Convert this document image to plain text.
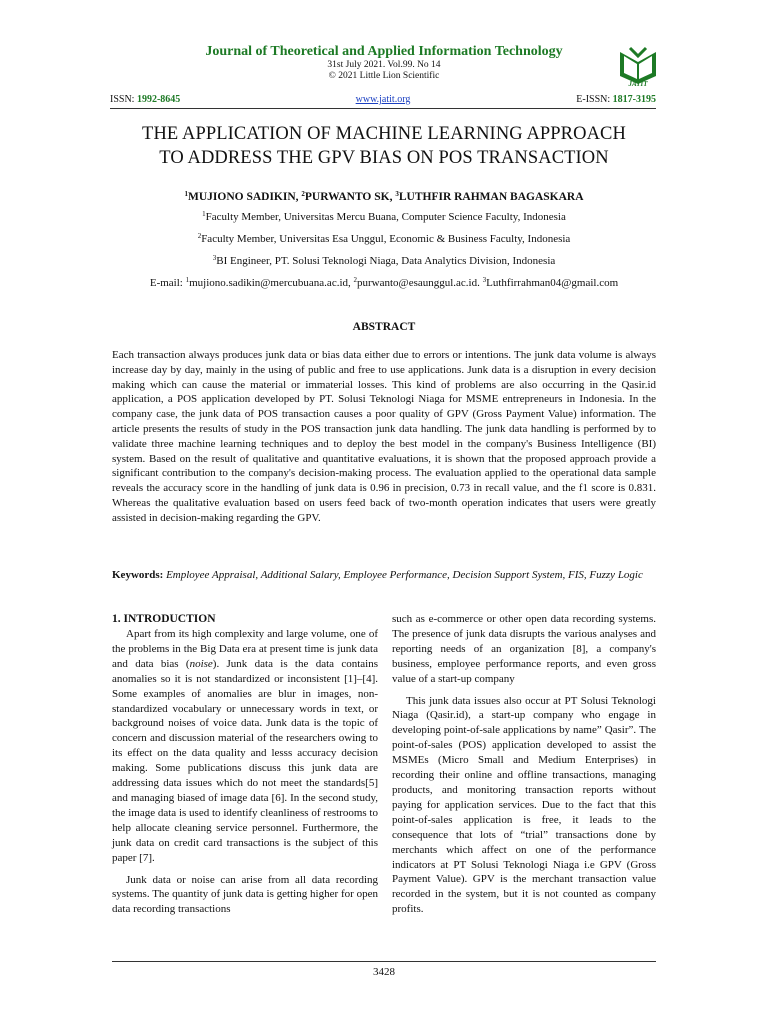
Journal of Theoretical and Applied Information Technology
31st July 2021. Vol.99. No 14
© 2021 Little Lion Scientific
JATIT
ISSN: 1992-8645	www.jatit.org	E-ISSN: 1817-3195
THE APPLICATION OF MACHINE LEARNING APPROACH
TO ADDRESS THE GPV BIAS ON POS TRANSACTION
$^1$MUJIONO SADIKIN, $^2$PURWANTO SK, $^3$LUTHFIR RAHMAN BAGASKARA
$^1$Faculty Member, Universitas Mercu Buana, Computer Science Faculty, Indonesia
$^2$Faculty Member, Universitas Esa Unggul, Economic & Business Faculty, Indonesia
$^3$BI Engineer, PT. Solusi Teknologi Niaga, Data Analytics Division, Indonesia
E-mail: $^1$mujiono.sadikin@mercubuana.ac.id, $^2$purwanto@esaunggul.ac.id. $^3$Luthfirrahman04@gmail.com
ABSTRACT

Each transaction always produces junk data or bias data either due to errors or intentions. The junk data volume is always increase day by day, mainly in the using of public and free to use applications. Junk data is a disruption in every decision making which can cause the material or immaterial losses. This kind of problems are also occurring in the Qasir.id application, a POS application developed by PT. Solusi Teknologi Niaga for MSME entrepreneurs in Indonesia. In the company case, the junk data of POS transaction causes a poor quality of GPV (Gross Payment Value) information. The article presents the results of study in the POS transaction junk data handling. The junk data handling is performed by to validate three machine learning techniques and to deploy the best model in the company's Business Intelligence (BI) system. Based on the result of qualitative and quantitative evaluations, it is shown that the proposed approach provide a significant contribution to the company's decision-making process. The evaluation applied to the operational data sample reveals the accuracy score in the handling of junk data is 0.96 in precision, 0.73 in recall value, and the f1 score is 0.831. Whereas the qualitative evaluation based on users feed back of two-month operation indicates that users were greatly assisted in decision-making regarding the GPV.

Keywords: Employee Appraisal, Additional Salary, Employee Performance, Decision Support System, FIS, Fuzzy Logic

1. INTRODUCTION

Apart from its high complexity and large volume, one of the problems in the Big Data era at present time is junk data and data bias (noise). Junk data is the data contains anomalies so it is not standardized or inconsistent [1]–[4]. Some examples of anomalies are blur in images, non-standardized vocabulary or unnecessary words in text, or background noises of voice data. Junk data is the topic of concern and discussion material of the researchers owing to its effect on the data quality and lesss accuracy decision making. Some publications discuss this junk data are addressing data issues which do not meet the standards[5] and managing biased of image data [6]. In the second study, the image data is used to identify cleanliness of restrooms to help allocate cleaning service personnel. Furthermore, the junk data on credit card transactions is the subject of this paper [7].

Junk data or noise can arise from all data recording systems. The quantity of junk data is getting higher for open data recording transactions

such as e-commerce or other open data recording systems. The presence of junk data disrupts the various analyses and reporting needs of an organization [8], a company's business, employee performance reports, and even gross value of a start-up company

This junk data issues also occur at PT Solusi Teknologi Niaga (Qasir.id), a start-up company who engage in developing point-of-sale applications by name” Qasir”. The point-of-sales (POS) application developed to assist the MSMEs (Micro Small and Medium Enterprises) in recording their online and offline transactions, managing products, and monitoring transaction reports without paying for application services. Due to the fact that this point-of-sales application is free, it leads to the consequence that lots of “trial” transactions done by merchants which affect on one of the performance indicators at PT Solusi Teknologi Niaga i.e GPV (Gross Payment Value). GPV is the merchant transaction value recorded in the system, but it is not counted as company profits.

3428
